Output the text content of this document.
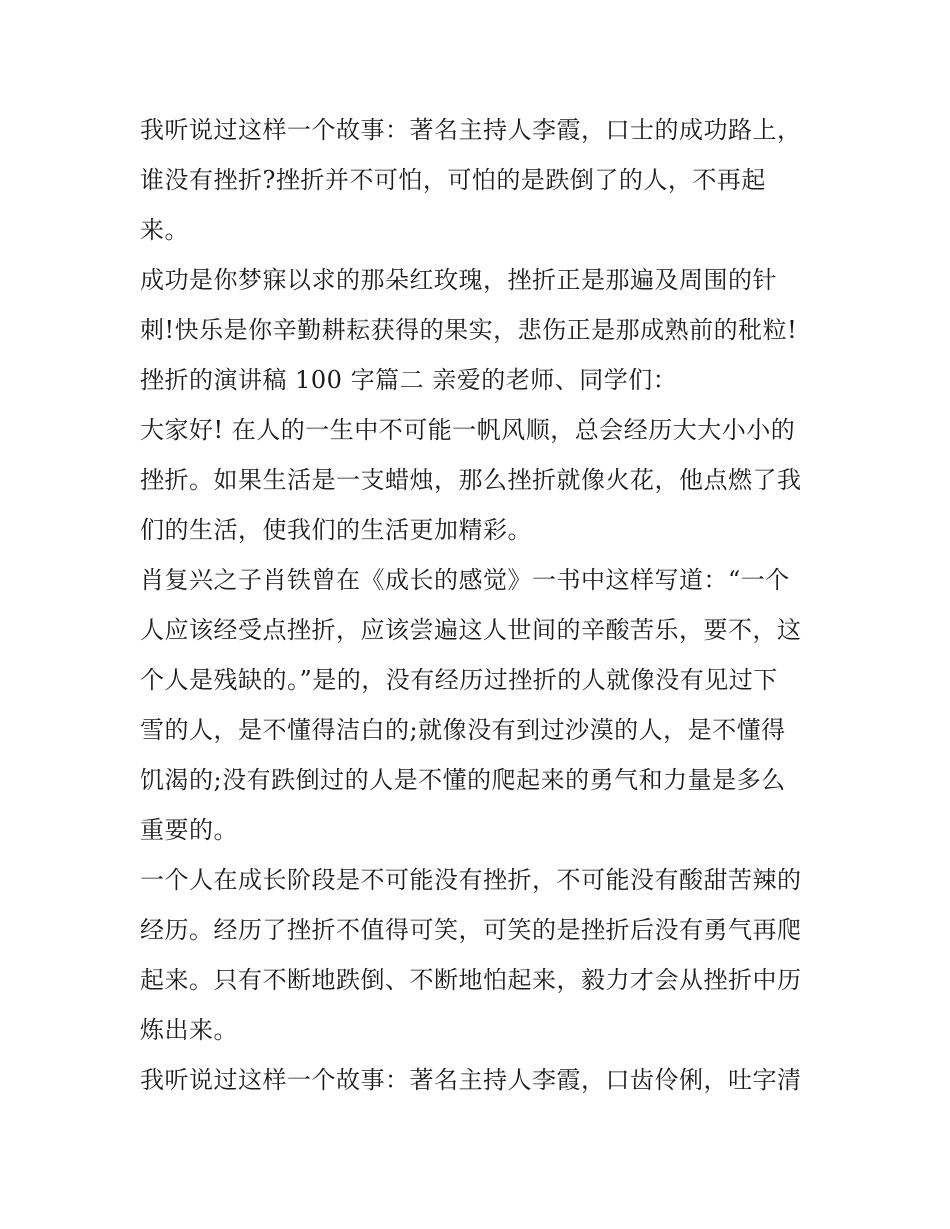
我听说过这样一个故事：著名主持人李霞，口士的成功路上，
谁没有挫折?挫折并不可怕，可怕的是跌倒了的人，不再起
来。

成功是你梦寐以求的那朵红玫瑰，挫折正是那遍及周围的针
刺!快乐是你辛勤耕耘获得的果实，悲伤正是那成熟前的秕粒!

挫折的演讲稿 100 字篇二 亲爱的老师、同学们：

大家好! 在人的一生中不可能一帆风顺，总会经历大大小小的
挫折。如果生活是一支蜡烛，那么挫折就像火花，他点燃了我
们的生活，使我们的生活更加精彩。

肖复兴之子肖铁曾在《成长的感觉》一书中这样写道：“一个
人应该经受点挫折，应该尝遍这人世间的辛酸苦乐，要不，这
个人是残缺的。”是的，没有经历过挫折的人就像没有见过下
雪的人，是不懂得洁白的;就像没有到过沙漠的人，是不懂得
饥渴的;没有跌倒过的人是不懂的爬起来的勇气和力量是多么
重要的。

一个人在成长阶段是不可能没有挫折，不可能没有酸甜苦辣的
经历。经历了挫折不值得可笑，可笑的是挫折后没有勇气再爬
起来。只有不断地跌倒、不断地怕起来，毅力才会从挫折中历
炼出来。

我听说过这样一个故事：著名主持人李霞，口齿伶俐，吐字清
